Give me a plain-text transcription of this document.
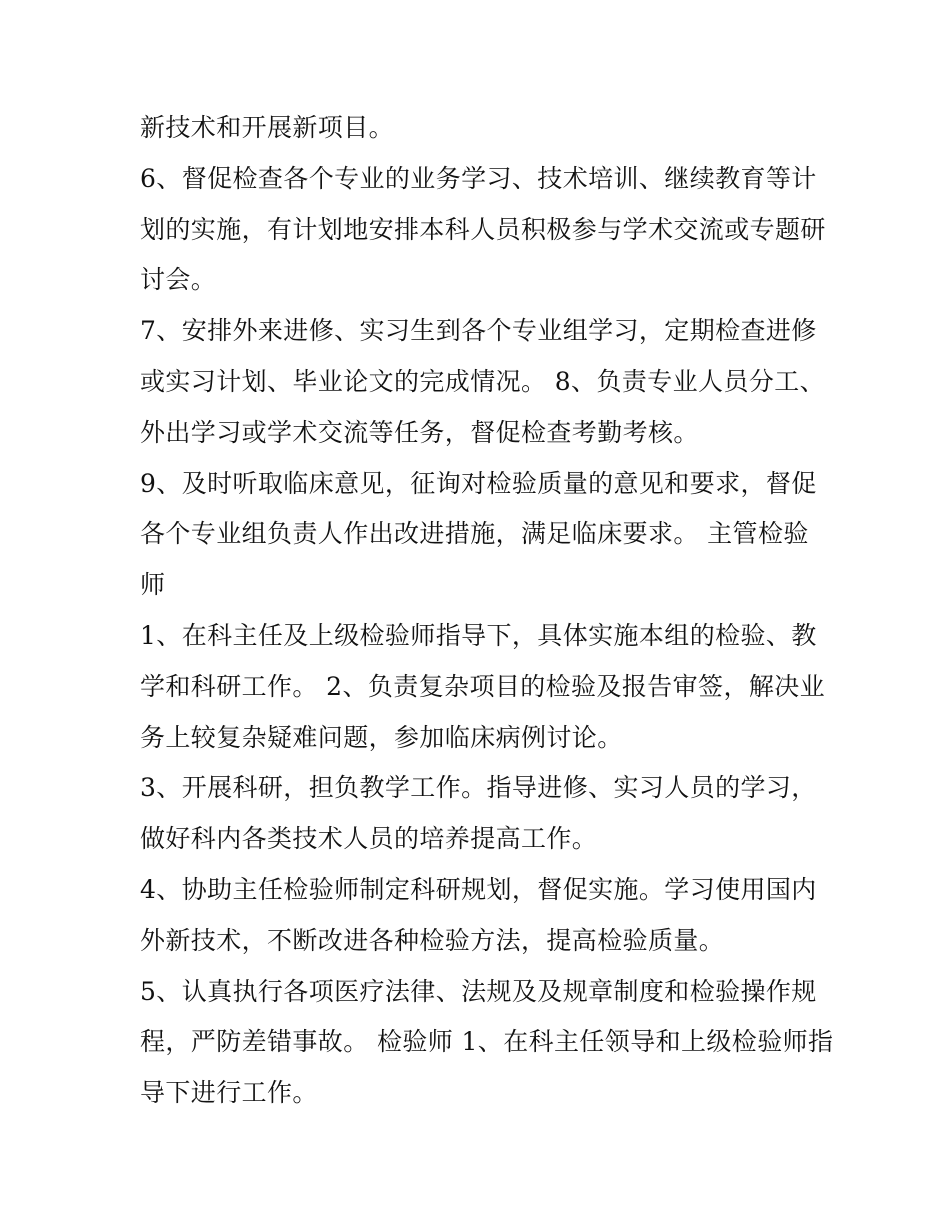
新技术和开展新项目。
6、督促检查各个专业的业务学习、技术培训、继续教育等计
划的实施，有计划地安排本科人员积极参与学术交流或专题研
讨会。
7、安排外来进修、实习生到各个专业组学习，定期检查进修
或实习计划、毕业论文的完成情况。 8、负责专业人员分工、
外出学习或学术交流等任务，督促检查考勤考核。
9、及时听取临床意见，征询对检验质量的意见和要求，督促
各个专业组负责人作出改进措施，满足临床要求。 主管检验
师
1、在科主任及上级检验师指导下，具体实施本组的检验、教
学和科研工作。 2、负责复杂项目的检验及报告审签，解决业
务上较复杂疑难问题，参加临床病例讨论。
3、开展科研，担负教学工作。指导进修、实习人员的学习，
做好科内各类技术人员的培养提高工作。
4、协助主任检验师制定科研规划，督促实施。学习使用国内
外新技术，不断改进各种检验方法，提高检验质量。
5、认真执行各项医疗法律、法规及及规章制度和检验操作规
程，严防差错事故。 检验师 1、在科主任领导和上级检验师指
导下进行工作。
